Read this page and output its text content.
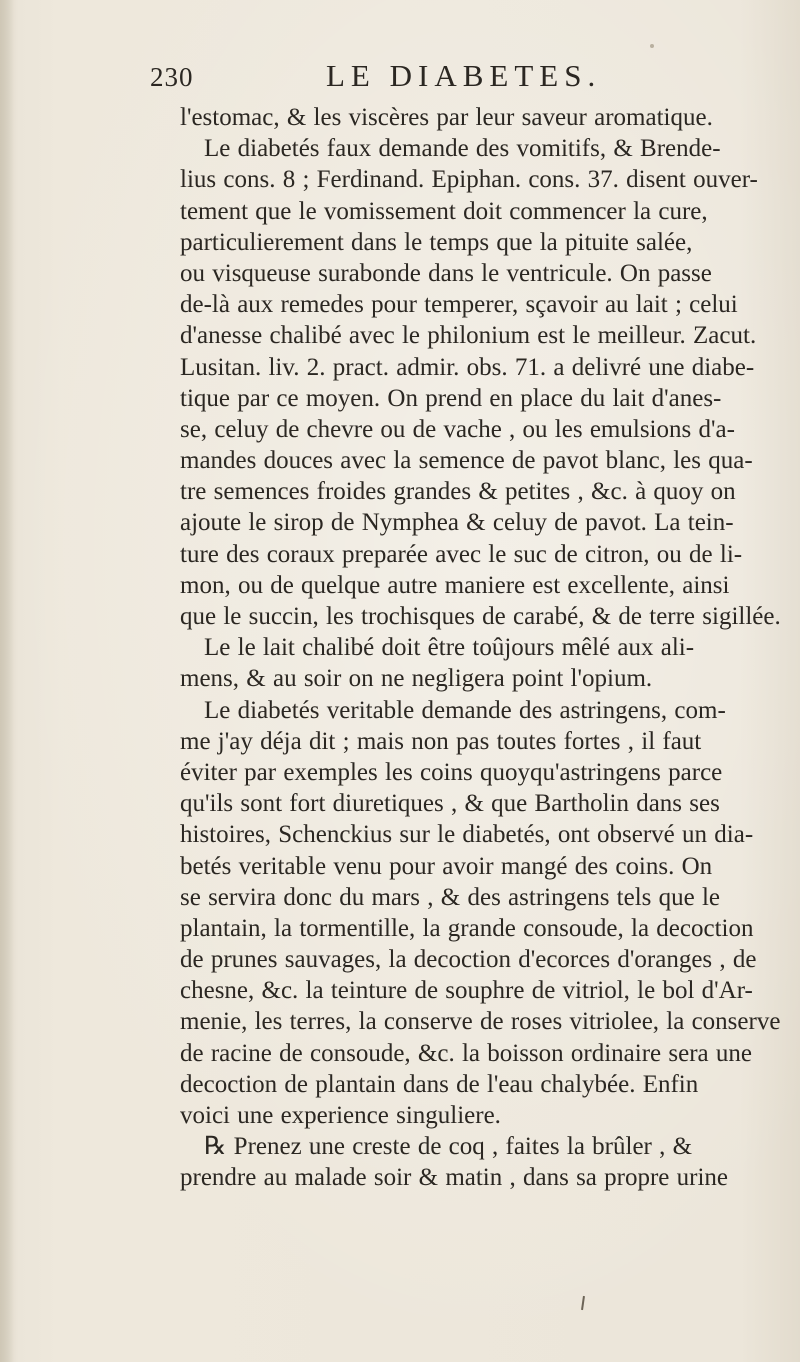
230	LE DIABETES.
l'estomac, & les viscères par leur saveur aromatique.
Le diabetés faux demande des vomitifs, & Brende-
lius cons. 8 ; Ferdinand. Epiphan. cons. 37. disent ouver-
tement que le vomissement doit commencer la cure,
particulierement dans le temps que la pituite salée,
ou visqueuse surabonde dans le ventricule. On passe
de-là aux remedes pour temperer, sçavoir au lait ; celui
d'anesse chalibé avec le philonium est le meilleur. Zacut.
Lusitan. liv. 2. pract. admir. obs. 71. a delivré une diabe-
tique par ce moyen. On prend en place du lait d'anes-
se, celuy de chevre ou de vache , ou les emulsions d'a-
mandes douces avec la semence de pavot blanc, les qua-
tre semences froides grandes & petites , &c. à quoy on
ajoute le sirop de Nymphea & celuy de pavot. La tein-
ture des coraux preparée avec le suc de citron, ou de li-
mon, ou de quelque autre maniere est excellente, ainsi
que le succin, les trochisques de carabé, & de terre sigillée.
Le le lait chalibé doit être toûjours mêlé aux ali-
mens, & au soir on ne negligera point l'opium.
Le diabetés veritable demande des astringens, com-
me j'ay déja dit ; mais non pas toutes fortes , il faut
éviter par exemples les coins quoyqu'astringens parce
qu'ils sont fort diuretiques , & que Bartholin dans ses
histoires, Schenckius sur le diabetés, ont observé un dia-
betés veritable venu pour avoir mangé des coins. On
se servira donc du mars , & des astringens tels que le
plantain, la tormentille, la grande consoude, la decoction
de prunes sauvages, la decoction d'ecorces d'oranges , de
chesne, &c. la teinture de souphre de vitriol, le bol d'Ar-
menie, les terres, la conserve de roses vitriolee, la conserve
de racine de consoude, &c. la boisson ordinaire sera une
decoction de plantain dans de l'eau chalybée. Enfin
voici une experience singuliere.
℞ Prenez une creste de coq , faites la brûler , &
prendre au malade soir & matin , dans sa propre urine
